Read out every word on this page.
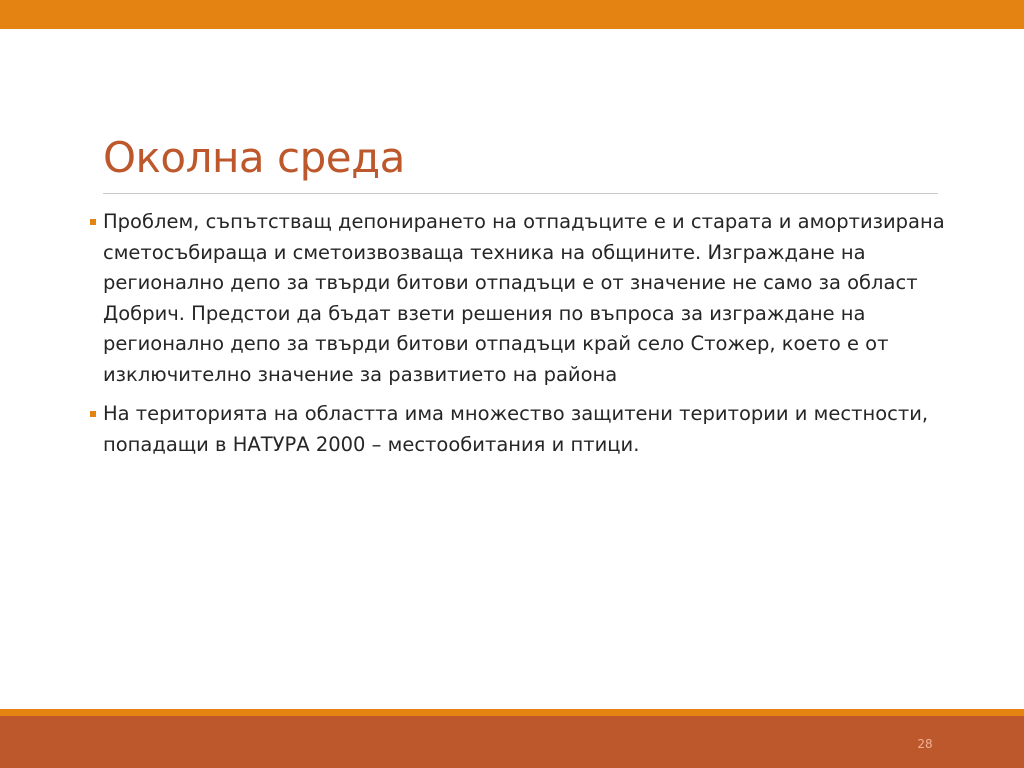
Околна среда
Проблем, съпътстващ депонирането на отпадъците е и старата и амортизирана сметосъбираща и сметоизвозваща техника на общините. Изграждане на регионално депо за твърди битови отпадъци е от значение не само за област Добрич. Предстои да бъдат взети решения по въпроса за изграждане на регионално депо за твърди битови отпадъци край село Стожер, което е от изключително значение за развитието на района
На територията на областта има множество защитени територии и местности, попадащи в НАТУРА 2000 – местообитания и птици.
28
